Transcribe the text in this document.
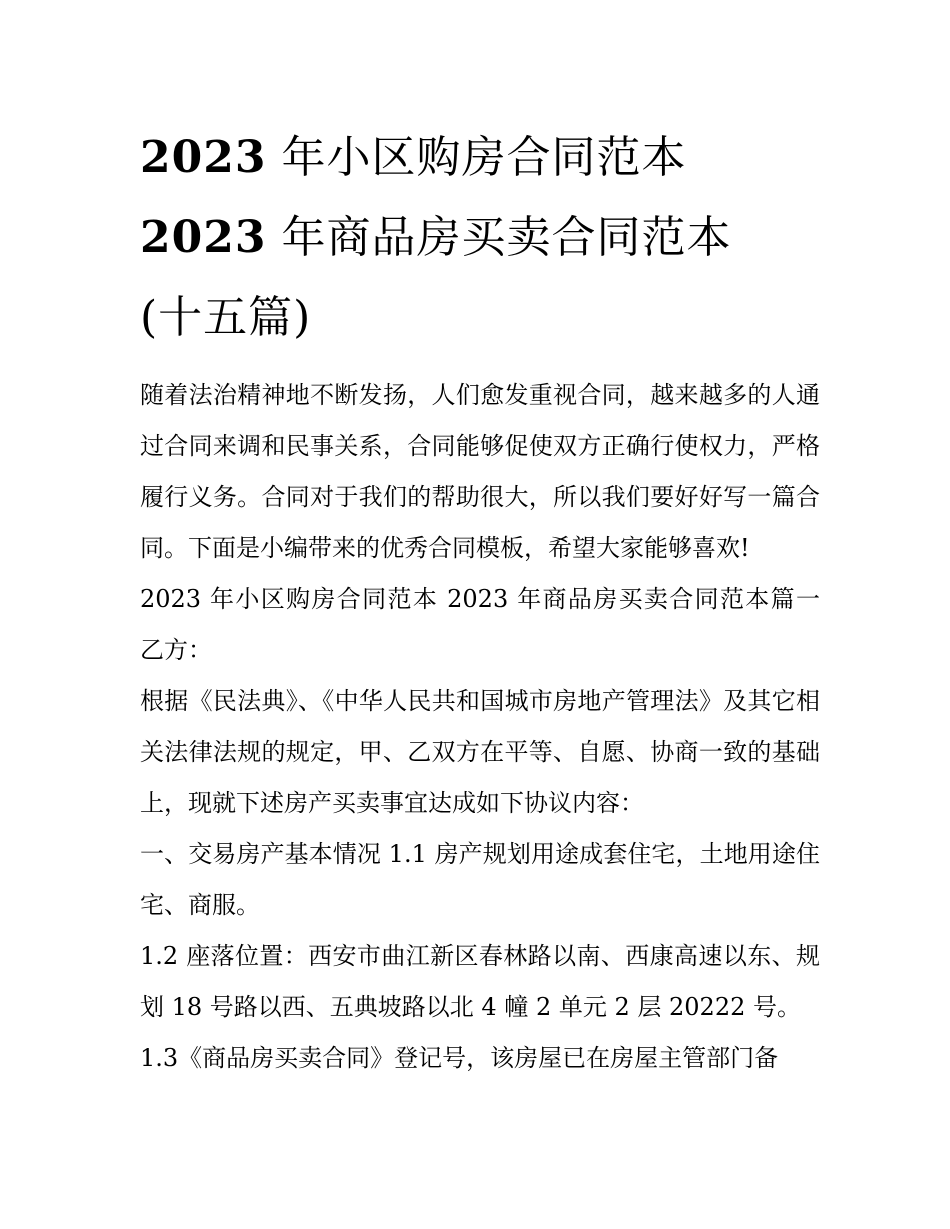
2023 年小区购房合同范本
2023 年商品房买卖合同范本
(十五篇)

随着法治精神地不断发扬，人们愈发重视合同，越来越多的人通过合同来调和民事关系，合同能够促使双方正确行使权力，严格履行义务。合同对于我们的帮助很大，所以我们要好好写一篇合同。下面是小编带来的优秀合同模板，希望大家能够喜欢!

2023 年小区购房合同范本 2023 年商品房买卖合同范本篇一 乙方：

根据《民法典》、《中华人民共和国城市房地产管理法》及其它相关法律法规的规定，甲、乙双方在平等、自愿、协商一致的基础上，现就下述房产买卖事宜达成如下协议内容：

一、交易房产基本情况 1.1 房产规划用途成套住宅，土地用途住宅、商服。

1.2 座落位置：西安市曲江新区春林路以南、西康高速以东、规划 18 号路以西、五典坡路以北 4 幢 2 单元 2 层 20222 号。

1.3《商品房买卖合同》登记号，该房屋已在房屋主管部门备
